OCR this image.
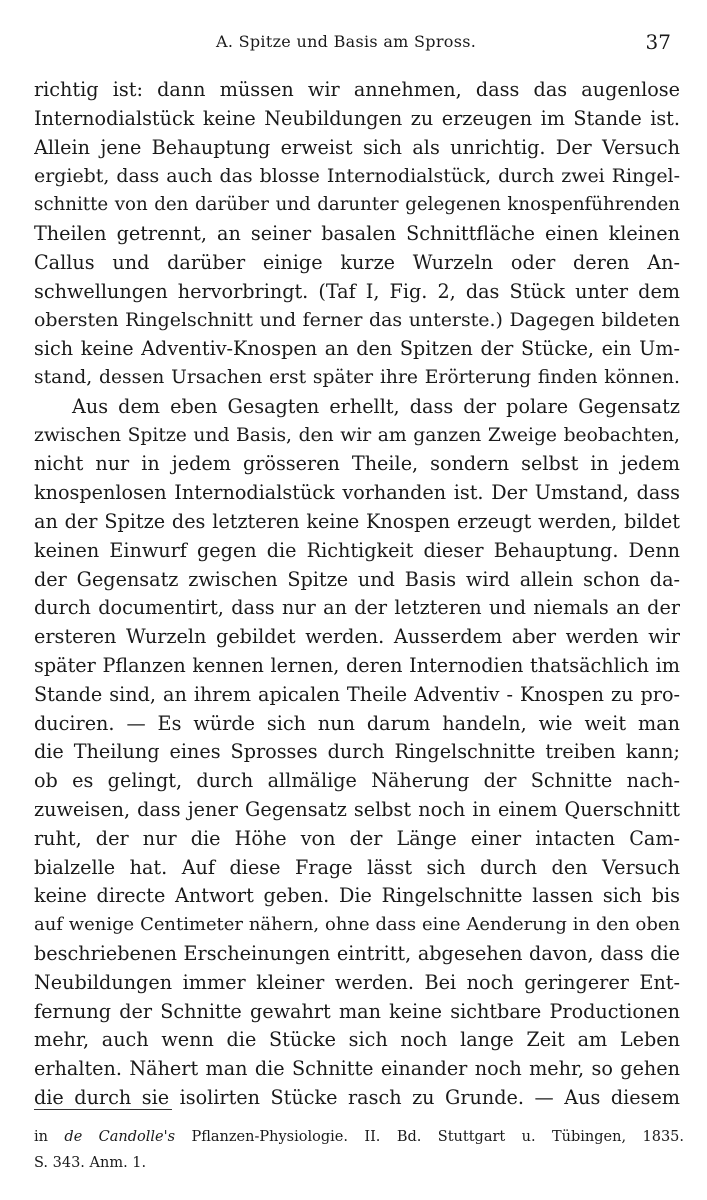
A. Spitze und Basis am Spross.	37
richtig ist: dann müssen wir annehmen, dass das augenlose
Internodialstück keine Neubildungen zu erzeugen im Stande ist.
Allein jene Behauptung erweist sich als unrichtig. Der Versuch
ergiebt, dass auch das blosse Internodialstück, durch zwei Ringel-
schnitte von den darüber und darunter gelegenen knospenführenden
Theilen getrennt, an seiner basalen Schnittfläche einen kleinen
Callus und darüber einige kurze Wurzeln oder deren An-
schwellungen hervorbringt. (Taf I, Fig. 2, das Stück unter dem
obersten Ringelschnitt und ferner das unterste.) Dagegen bildeten
sich keine Adventiv-Knospen an den Spitzen der Stücke, ein Um-
stand, dessen Ursachen erst später ihre Erörterung finden können.
Aus dem eben Gesagten erhellt, dass der polare Gegensatz
zwischen Spitze und Basis, den wir am ganzen Zweige beobachten,
nicht nur in jedem grösseren Theile, sondern selbst in jedem
knospenlosen Internodialstück vorhanden ist. Der Umstand, dass
an der Spitze des letzteren keine Knospen erzeugt werden, bildet
keinen Einwurf gegen die Richtigkeit dieser Behauptung. Denn
der Gegensatz zwischen Spitze und Basis wird allein schon da-
durch documentirt, dass nur an der letzteren und niemals an der
ersteren Wurzeln gebildet werden. Ausserdem aber werden wir
später Pflanzen kennen lernen, deren Internodien thatsächlich im
Stande sind, an ihrem apicalen Theile Adventiv - Knospen zu pro-
duciren. — Es würde sich nun darum handeln, wie weit man
die Theilung eines Sprosses durch Ringelschnitte treiben kann;
ob es gelingt, durch allmälige Näherung der Schnitte nach-
zuweisen, dass jener Gegensatz selbst noch in einem Querschnitt
ruht, der nur die Höhe von der Länge einer intacten Cam-
bialzelle hat. Auf diese Frage lässt sich durch den Versuch
keine directe Antwort geben. Die Ringelschnitte lassen sich bis
auf wenige Centimeter nähern, ohne dass eine Aenderung in den oben
beschriebenen Erscheinungen eintritt, abgesehen davon, dass die
Neubildungen immer kleiner werden. Bei noch geringerer Ent-
fernung der Schnitte gewahrt man keine sichtbare Productionen
mehr, auch wenn die Stücke sich noch lange Zeit am Leben
erhalten. Nähert man die Schnitte einander noch mehr, so gehen
die durch sie isolirten Stücke rasch zu Grunde. — Aus diesem
in de Candolle's Pflanzen-Physiologie. II. Bd. Stuttgart u. Tübingen, 1835.
S. 343. Anm. 1.
